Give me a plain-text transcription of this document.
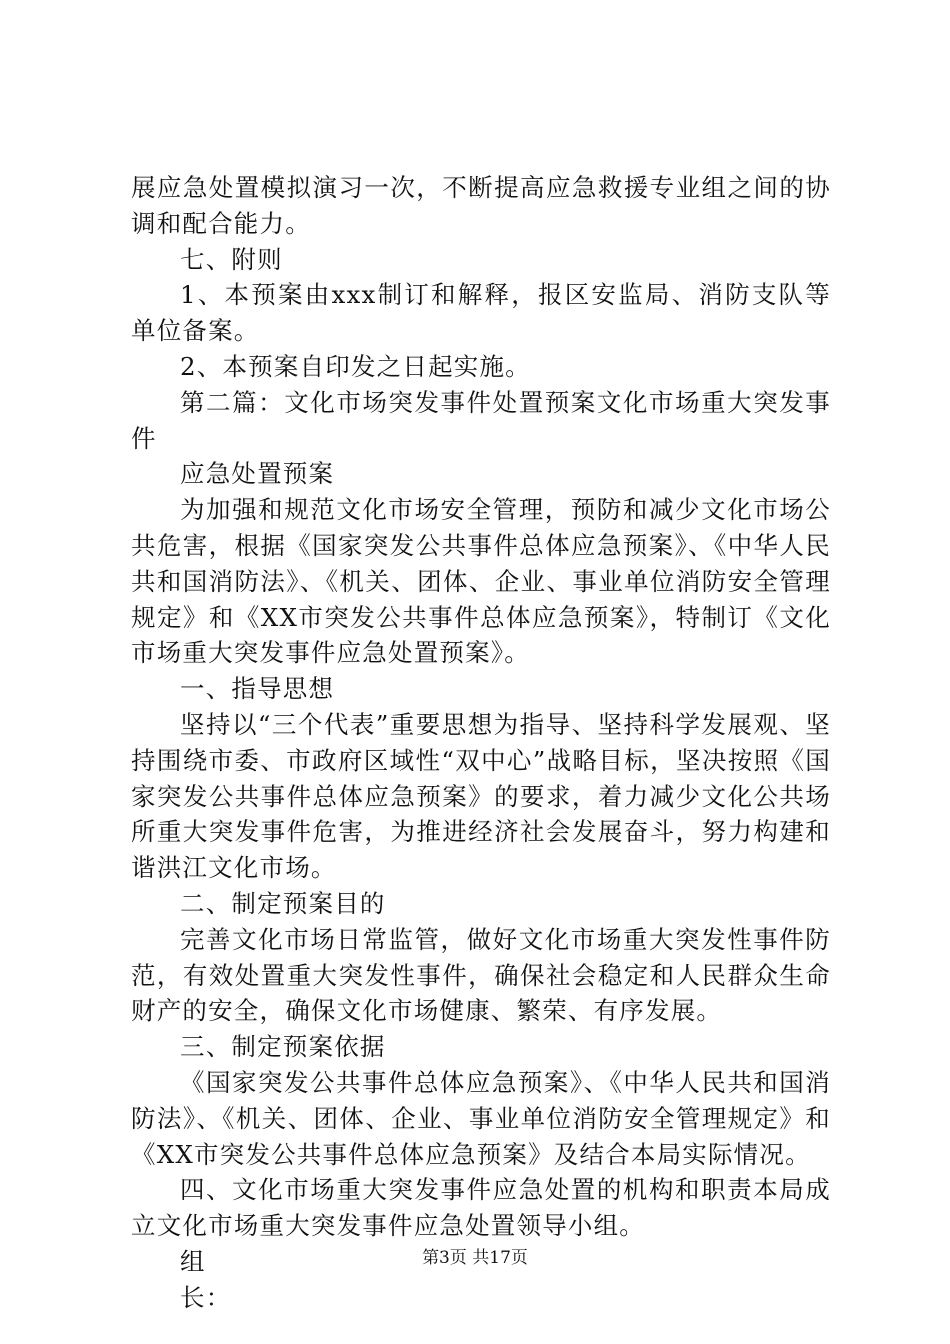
展应急处置模拟演习一次，不断提高应急救援专业组之间的协调和配合能力。

七、附则

1、本预案由xxx制订和解释，报区安监局、消防支队等单位备案。

2、本预案自印发之日起实施。

第二篇：文化市场突发事件处置预案文化市场重大突发事件

应急处置预案

为加强和规范文化市场安全管理，预防和减少文化市场公共危害，根据《国家突发公共事件总体应急预案》、《中华人民共和国消防法》、《机关、团体、企业、事业单位消防安全管理规定》和《XX市突发公共事件总体应急预案》，特制订《文化市场重大突发事件应急处置预案》。

一、指导思想

坚持以“三个代表”重要思想为指导、坚持科学发展观、坚持围绕市委、市政府区域性“双中心”战略目标，坚决按照《国家突发公共事件总体应急预案》的要求，着力减少文化公共场所重大突发事件危害，为推进经济社会发展奋斗，努力构建和谐洪江文化市场。

二、制定预案目的

完善文化市场日常监管，做好文化市场重大突发性事件防范，有效处置重大突发性事件，确保社会稳定和人民群众生命财产的安全，确保文化市场健康、繁荣、有序发展。

三、制定预案依据

《国家突发公共事件总体应急预案》、《中华人民共和国消防法》、《机关、团体、企业、事业单位消防安全管理规定》和《XX市突发公共事件总体应急预案》及结合本局实际情况。

四、文化市场重大突发事件应急处置的机构和职责本局成立文化市场重大突发事件应急处置领导小组。

组

长：

第3页 共17页
